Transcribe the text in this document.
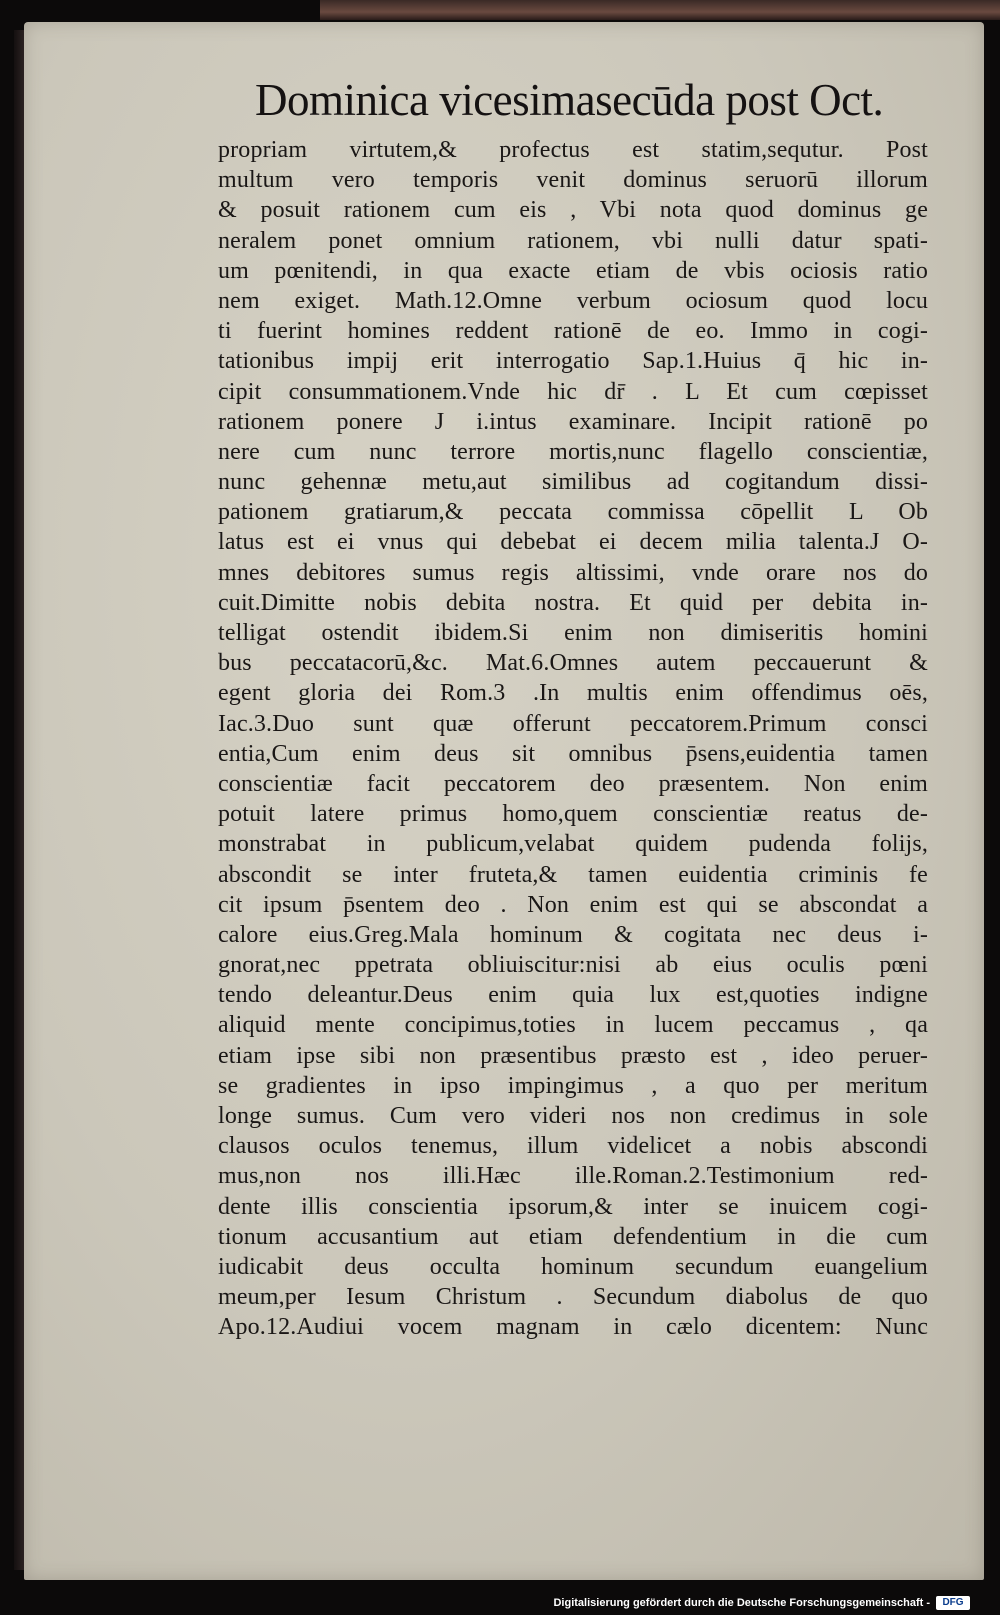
Dominica vicesimasecūda post Oct.
propriam virtutem,& profectus est statim,sequtur. Post
multum vero temporis venit dominus seruorū illorum
& posuit rationem cum eis , Vbi nota quod dominus ge
neralem ponet omnium rationem, vbi nulli datur spati-
um pœnitendi, in qua exacte etiam de vbis ociosis ratio
nem exiget. Math.12.Omne verbum ociosum quod locu
ti fuerint homines reddent rationē de eo. Immo in cogi-
tationibus impij erit interrogatio Sap.1.Huius q̄ hic in-
cipit consummationem.Vnde hic dr̄ . L Et cum cœpisset
rationem ponere J i.intus examinare. Incipit rationē po
nere cum nunc terrore mortis,nunc flagello conscientiæ,
nunc gehennæ metu,aut similibus ad cogitandum dissi-
pationem gratiarum,& peccata commissa cōpellit L Ob
latus est ei vnus qui debebat ei decem milia talenta.J O-
mnes debitores sumus regis altissimi, vnde orare nos do
cuit.Dimitte nobis debita nostra. Et quid per debita in-
telligat ostendit ibidem.Si enim non dimiseritis homini
bus peccatacorū,&c. Mat.6.Omnes autem peccauerunt &
egent gloria dei Rom.3 .In multis enim offendimus oēs,
Iac.3.Duo sunt quæ offerunt peccatorem.Primum consci
entia,Cum enim deus sit omnibus p̄sens,euidentia tamen
conscientiæ facit peccatorem deo præsentem. Non enim
potuit latere primus homo,quem conscientiæ reatus de-
monstrabat in publicum,velabat quidem pudenda folijs,
abscondit se inter fruteta,& tamen euidentia criminis fe
cit ipsum p̄sentem deo . Non enim est qui se abscondat a
calore eius.Greg.Mala hominum & cogitata nec deus i-
gnorat,nec ppetrata obliuiscitur:nisi ab eius oculis pœni
tendo deleantur.Deus enim quia lux est,quoties indigne
aliquid mente concipimus,toties in lucem peccamus , qa
etiam ipse sibi non præsentibus præsto est , ideo peruer-
se gradientes in ipso impingimus , a quo per meritum
longe sumus. Cum vero videri nos non credimus in sole
clausos oculos tenemus, illum videlicet a nobis abscondi
mus,non nos illi.Hæc ille.Roman.2.Testimonium red-
dente illis conscientia ipsorum,& inter se inuicem cogi-
tionum accusantium aut etiam defendentium in die cum
iudicabit deus occulta hominum secundum euangelium
meum,per Iesum Christum . Secundum diabolus de quo
Apo.12.Audiui vocem magnam in cælo dicentem: Nunc
Digitalisierung gefördert durch die Deutsche Forschungsgemeinschaft -	DFG
